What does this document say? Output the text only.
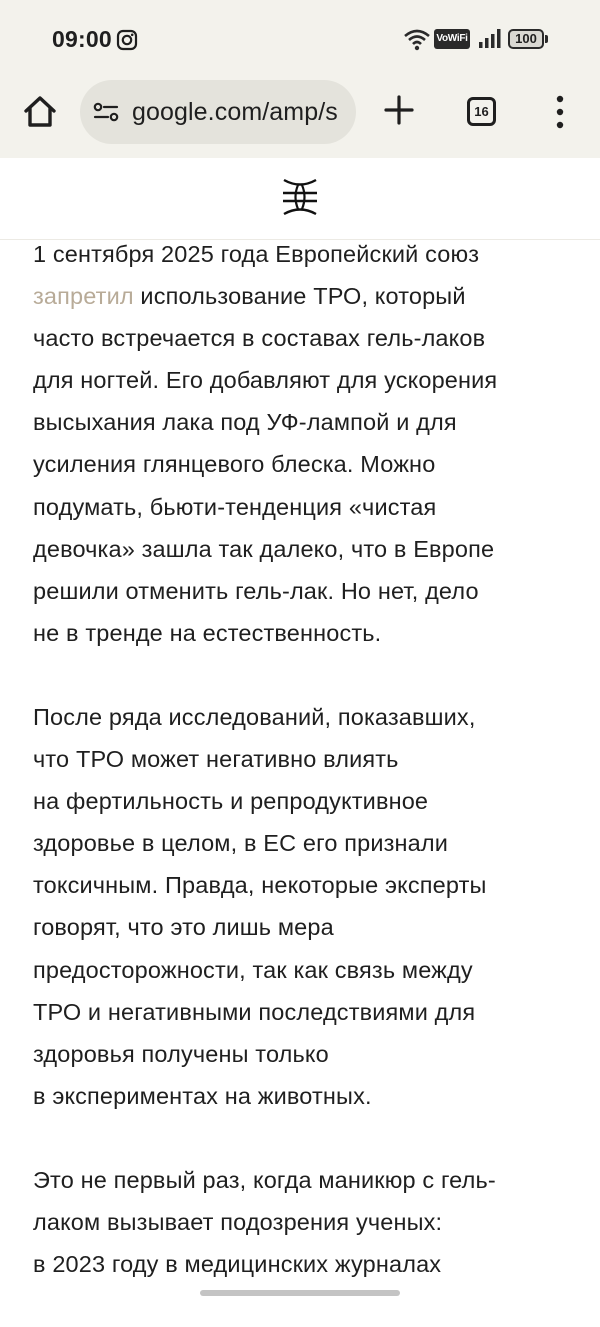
09:00	VoWiFi	100
google.com/amp/s	16

1 сентября 2025 года Европейский союз
запретил использование ТРО, который
часто встречается в составах гель-лаков
для ногтей. Его добавляют для ускорения
высыхания лака под УФ-лампой и для
усиления глянцевого блеска. Можно
подумать, бьюти-тенденция «чистая
девочка» зашла так далеко, что в Европе
решили отменить гель-лак. Но нет, дело
не в тренде на естественность.

После ряда исследований, показавших,
что ТРО может негативно влиять
на фертильность и репродуктивное
здоровье в целом, в ЕС его признали
токсичным. Правда, некоторые эксперты
говорят, что это лишь мера
предосторожности, так как связь между
ТРО и негативными последствиями для
здоровья получены только
в экспериментах на животных.

Это не первый раз, когда маникюр с гель-
лаком вызывает подозрения ученых:
в 2023 году в медицинских журналах
